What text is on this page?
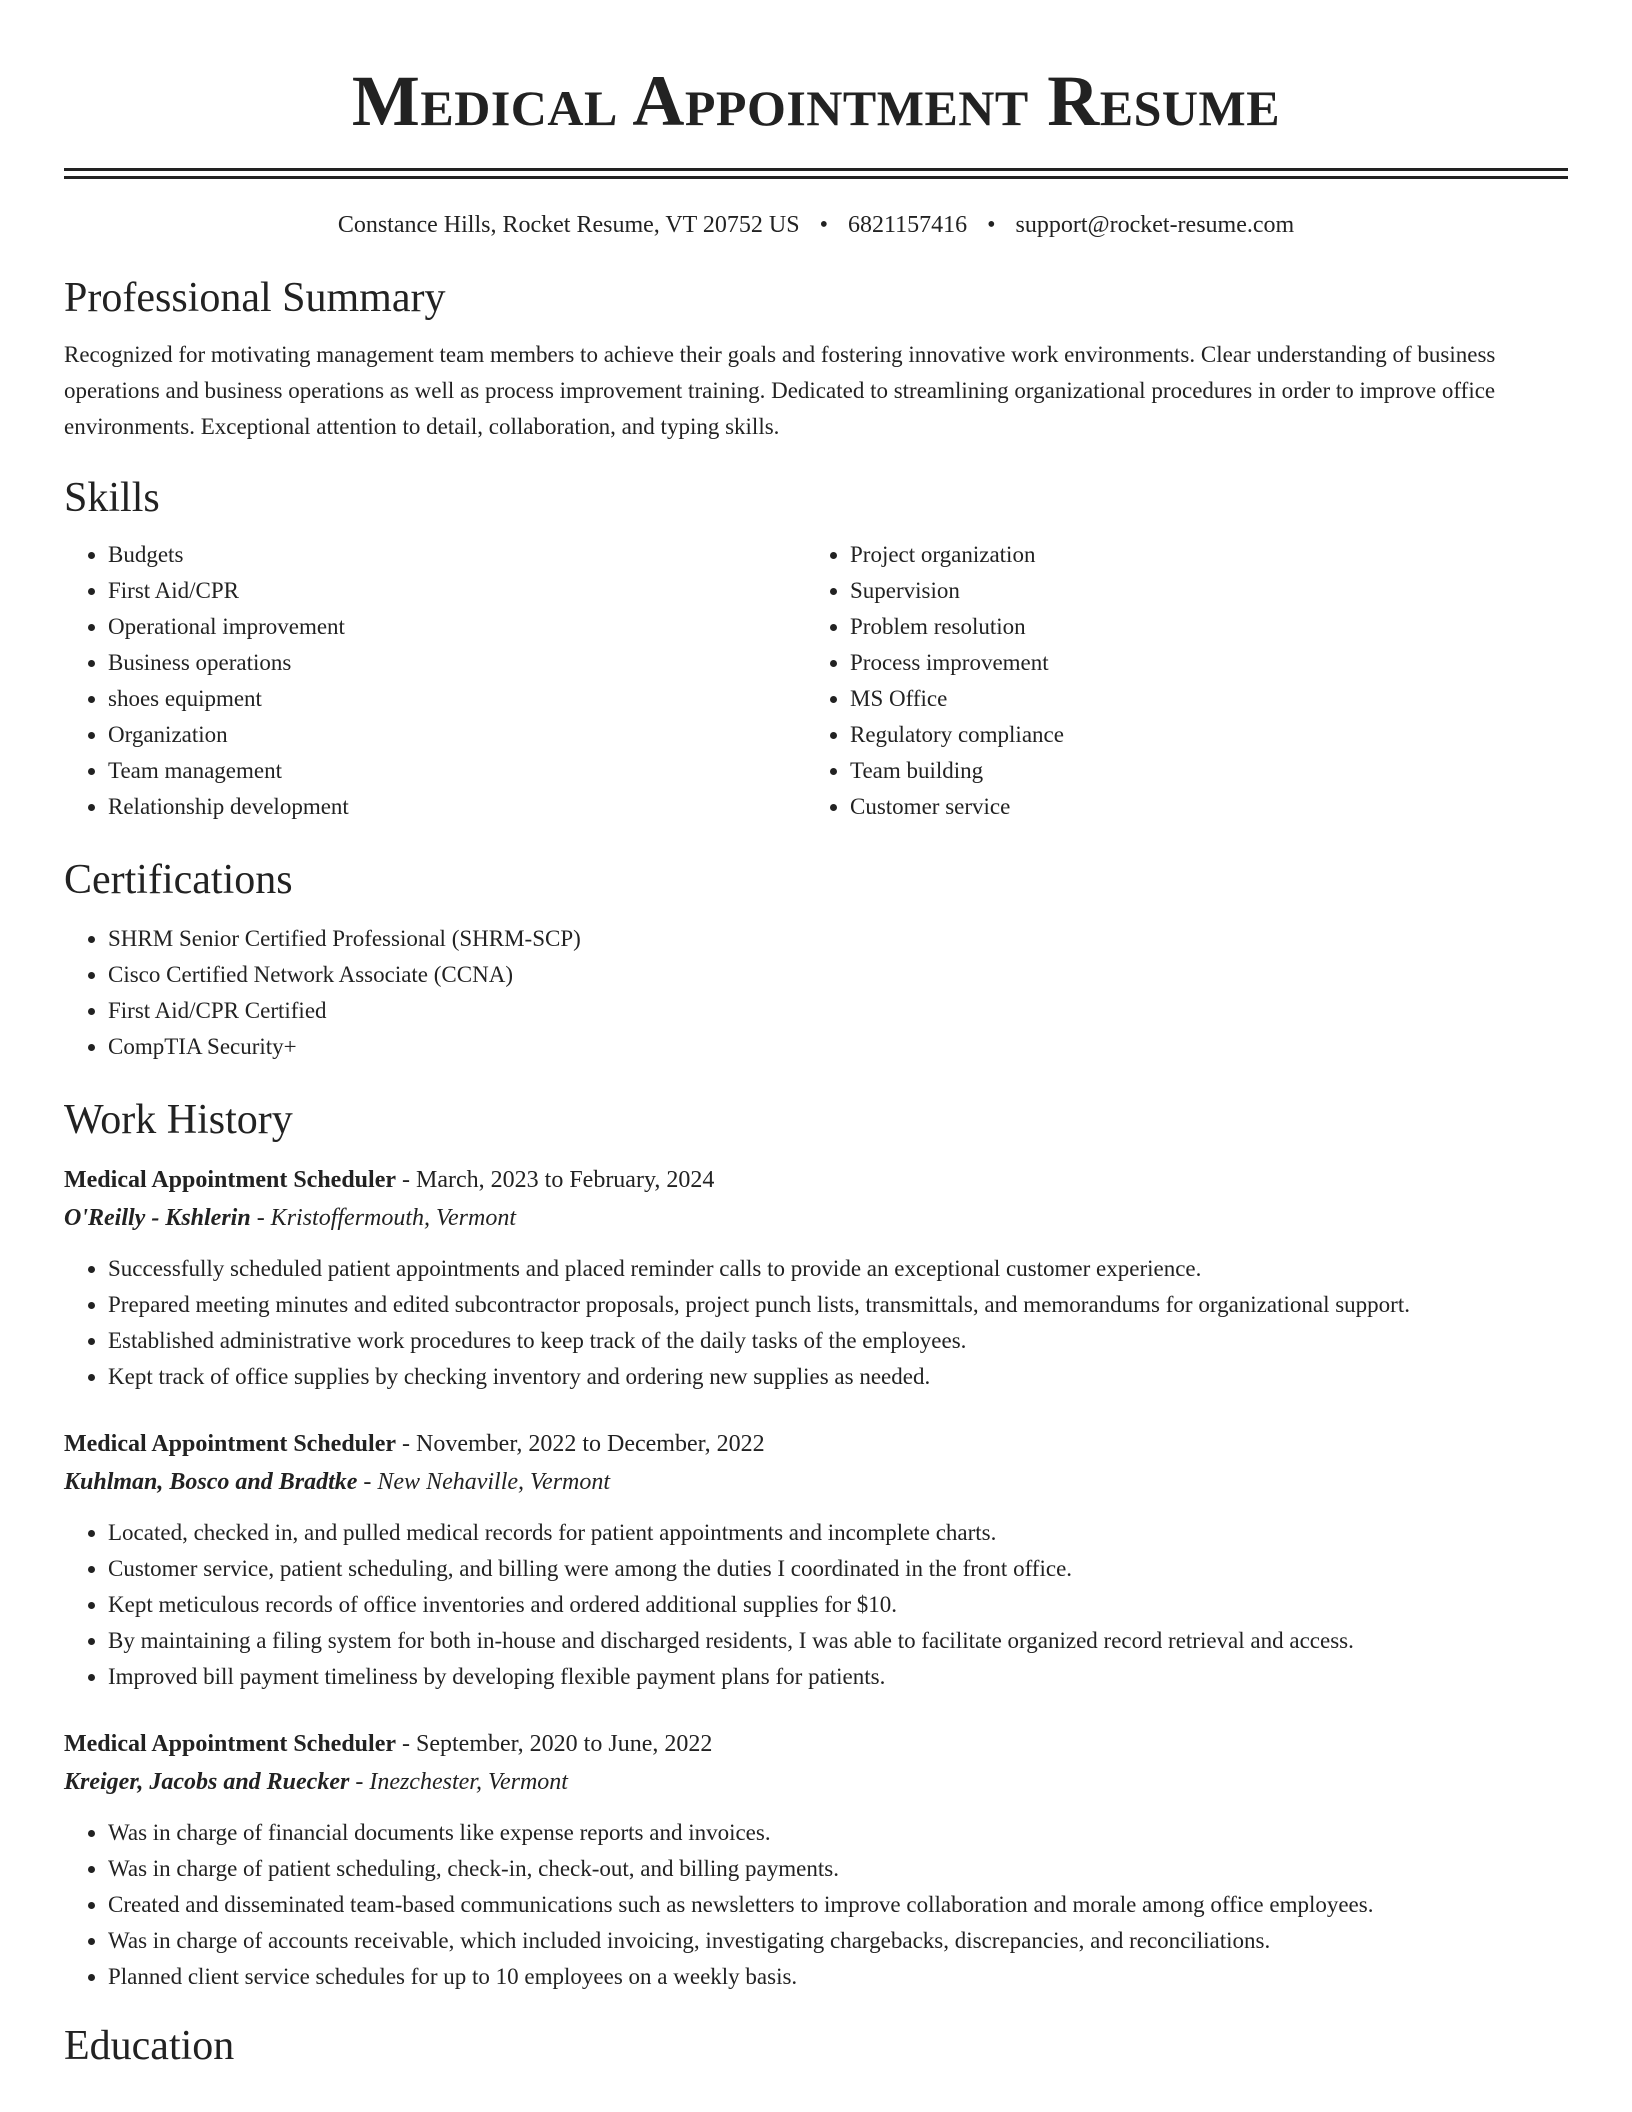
Medical Appointment Resume
Constance Hills, Rocket Resume, VT 20752 US • 6821157416 • support@rocket-resume.com
Professional Summary

Recognized for motivating management team members to achieve their goals and fostering innovative work environments. Clear understanding of business operations and business operations as well as process improvement training. Dedicated to streamlining organizational procedures in order to improve office environments. Exceptional attention to detail, collaboration, and typing skills.

Skills
• Budgets
• First Aid/CPR
• Operational improvement
• Business operations
• shoes equipment
• Organization
• Team management
• Relationship development
• Project organization
• Supervision
• Problem resolution
• Process improvement
• MS Office
• Regulatory compliance
• Team building
• Customer service
Certifications
• SHRM Senior Certified Professional (SHRM-SCP)
• Cisco Certified Network Associate (CCNA)
• First Aid/CPR Certified
• CompTIA Security+
Work History
Medical Appointment Scheduler - March, 2023 to February, 2024
O'Reilly - Kshlerin - Kristoffermouth, Vermont
• Successfully scheduled patient appointments and placed reminder calls to provide an exceptional customer experience.
• Prepared meeting minutes and edited subcontractor proposals, project punch lists, transmittals, and memorandums for organizational support.
• Established administrative work procedures to keep track of the daily tasks of the employees.
• Kept track of office supplies by checking inventory and ordering new supplies as needed.
Medical Appointment Scheduler - November, 2022 to December, 2022
Kuhlman, Bosco and Bradtke - New Nehaville, Vermont
• Located, checked in, and pulled medical records for patient appointments and incomplete charts.
• Customer service, patient scheduling, and billing were among the duties I coordinated in the front office.
• Kept meticulous records of office inventories and ordered additional supplies for $10.
• By maintaining a filing system for both in-house and discharged residents, I was able to facilitate organized record retrieval and access.
• Improved bill payment timeliness by developing flexible payment plans for patients.
Medical Appointment Scheduler - September, 2020 to June, 2022
Kreiger, Jacobs and Ruecker - Inezchester, Vermont
• Was in charge of financial documents like expense reports and invoices.
• Was in charge of patient scheduling, check-in, check-out, and billing payments.
• Created and disseminated team-based communications such as newsletters to improve collaboration and morale among office employees.
• Was in charge of accounts receivable, which included invoicing, investigating chargebacks, discrepancies, and reconciliations.
• Planned client service schedules for up to 10 employees on a weekly basis.
Education
